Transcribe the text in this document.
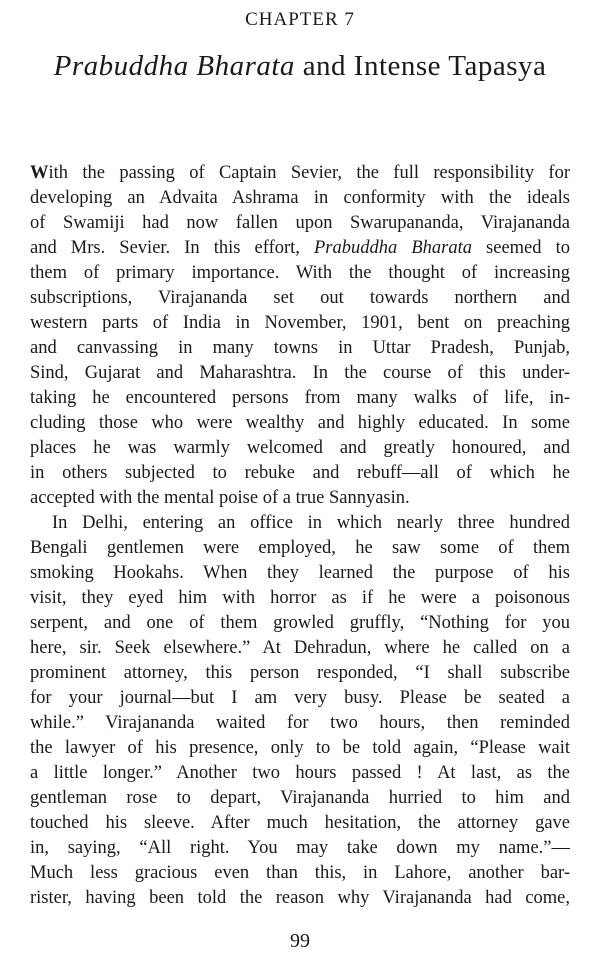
CHAPTER 7
Prabuddha Bharata and Intense Tapasya
With the passing of Captain Sevier, the full responsibility for
developing an Advaita Ashrama in conformity with the ideals
of Swamiji had now fallen upon Swarupananda, Virajananda
and Mrs. Sevier. In this effort, Prabuddha Bharata seemed to
them of primary importance. With the thought of increasing
subscriptions, Virajananda set out towards northern and
western parts of India in November, 1901, bent on preaching
and canvassing in many towns in Uttar Pradesh, Punjab,
Sind, Gujarat and Maharashtra. In the course of this under-
taking he encountered persons from many walks of life, in-
cluding those who were wealthy and highly educated. In some
places he was warmly welcomed and greatly honoured, and
in others subjected to rebuke and rebuff—all of which he
accepted with the mental poise of a true Sannyasin.
In Delhi, entering an office in which nearly three hundred
Bengali gentlemen were employed, he saw some of them
smoking Hookahs. When they learned the purpose of his
visit, they eyed him with horror as if he were a poisonous
serpent, and one of them growled gruffly, “Nothing for you
here, sir. Seek elsewhere.” At Dehradun, where he called on a
prominent attorney, this person responded, “I shall subscribe
for your journal—but I am very busy. Please be seated a
while.” Virajananda waited for two hours, then reminded
the lawyer of his presence, only to be told again, “Please wait
a little longer.” Another two hours passed ! At last, as the
gentleman rose to depart, Virajananda hurried to him and
touched his sleeve. After much hesitation, the attorney gave
in, saying, “All right. You may take down my name.”—
Much less gracious even than this, in Lahore, another bar-
rister, having been told the reason why Virajananda had come,
99
